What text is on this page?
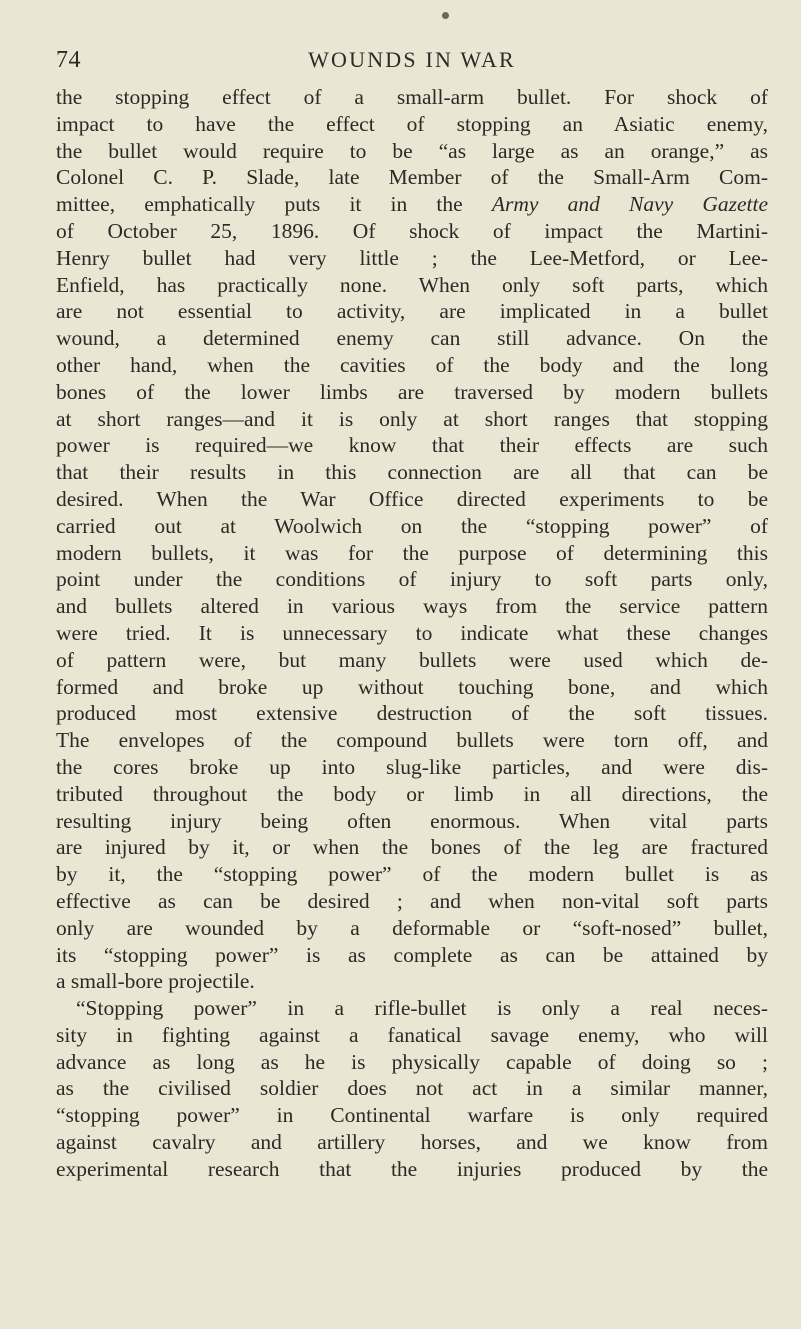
74	WOUNDS IN WAR
the stopping effect of a small-arm bullet. For shock of
impact to have the effect of stopping an Asiatic enemy,
the bullet would require to be “as large as an orange,” as
Colonel C. P. Slade, late Member of the Small-Arm Com-
mittee, emphatically puts it in the Army and Navy Gazette
of October 25, 1896. Of shock of impact the Martini-
Henry bullet had very little ; the Lee-Metford, or Lee-
Enfield, has practically none. When only soft parts, which
are not essential to activity, are implicated in a bullet
wound, a determined enemy can still advance. On the
other hand, when the cavities of the body and the long
bones of the lower limbs are traversed by modern bullets
at short ranges—and it is only at short ranges that stopping
power is required—we know that their effects are such
that their results in this connection are all that can be
desired. When the War Office directed experiments to be
carried out at Woolwich on the “stopping power” of
modern bullets, it was for the purpose of determining this
point under the conditions of injury to soft parts only,
and bullets altered in various ways from the service pattern
were tried. It is unnecessary to indicate what these changes
of pattern were, but many bullets were used which de-
formed and broke up without touching bone, and which
produced most extensive destruction of the soft tissues.
The envelopes of the compound bullets were torn off, and
the cores broke up into slug-like particles, and were dis-
tributed throughout the body or limb in all directions, the
resulting injury being often enormous. When vital parts
are injured by it, or when the bones of the leg are fractured
by it, the “stopping power” of the modern bullet is as
effective as can be desired ; and when non-vital soft parts
only are wounded by a deformable or “soft-nosed” bullet,
its “stopping power” is as complete as can be attained by
a small-bore projectile.
“Stopping power” in a rifle-bullet is only a real neces-
sity in fighting against a fanatical savage enemy, who will
advance as long as he is physically capable of doing so ;
as the civilised soldier does not act in a similar manner,
“stopping power” in Continental warfare is only required
against cavalry and artillery horses, and we know from
experimental research that the injuries produced by the
